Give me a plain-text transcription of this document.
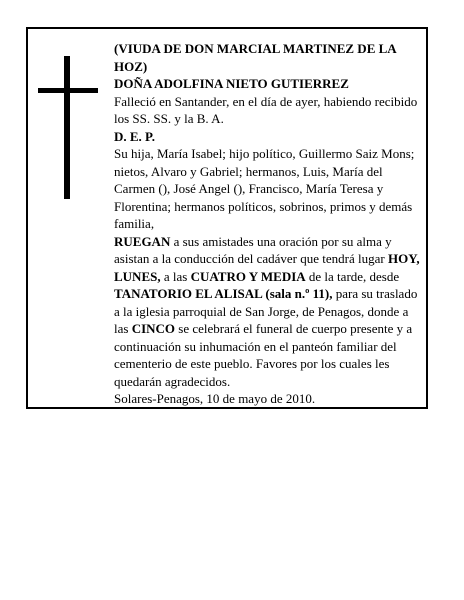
(VIUDA DE DON MARCIAL MARTINEZ DE LA HOZ)

DOÑA ADOLFINA NIETO GUTIERREZ

Falleció en Santander, en el día de ayer, habiendo recibido los SS. SS. y la B. A.

D. E. P.

Su hija, María Isabel; hijo político, Guillermo Saiz Mons; nietos, Alvaro y Gabriel; hermanos, Luis, María del Carmen (), José Angel (), Francisco, María Teresa y Florentina; hermanos políticos, sobrinos, primos y demás familia,

RUEGAN a sus amistades una oración por su alma y asistan a la conducción del cadáver que tendrá lugar HOY, LUNES, a las CUATRO Y MEDIA de la tarde, desde TANATORIO EL ALISAL (sala n.º 11), para su traslado a la iglesia parroquial de San Jorge, de Penagos, donde a las CINCO se celebrará el funeral de cuerpo presente y a continuación su inhumación en el panteón familiar del cementerio de este pueblo. Favores por los cuales les quedarán agradecidos.

Solares-Penagos, 10 de mayo de 2010.
